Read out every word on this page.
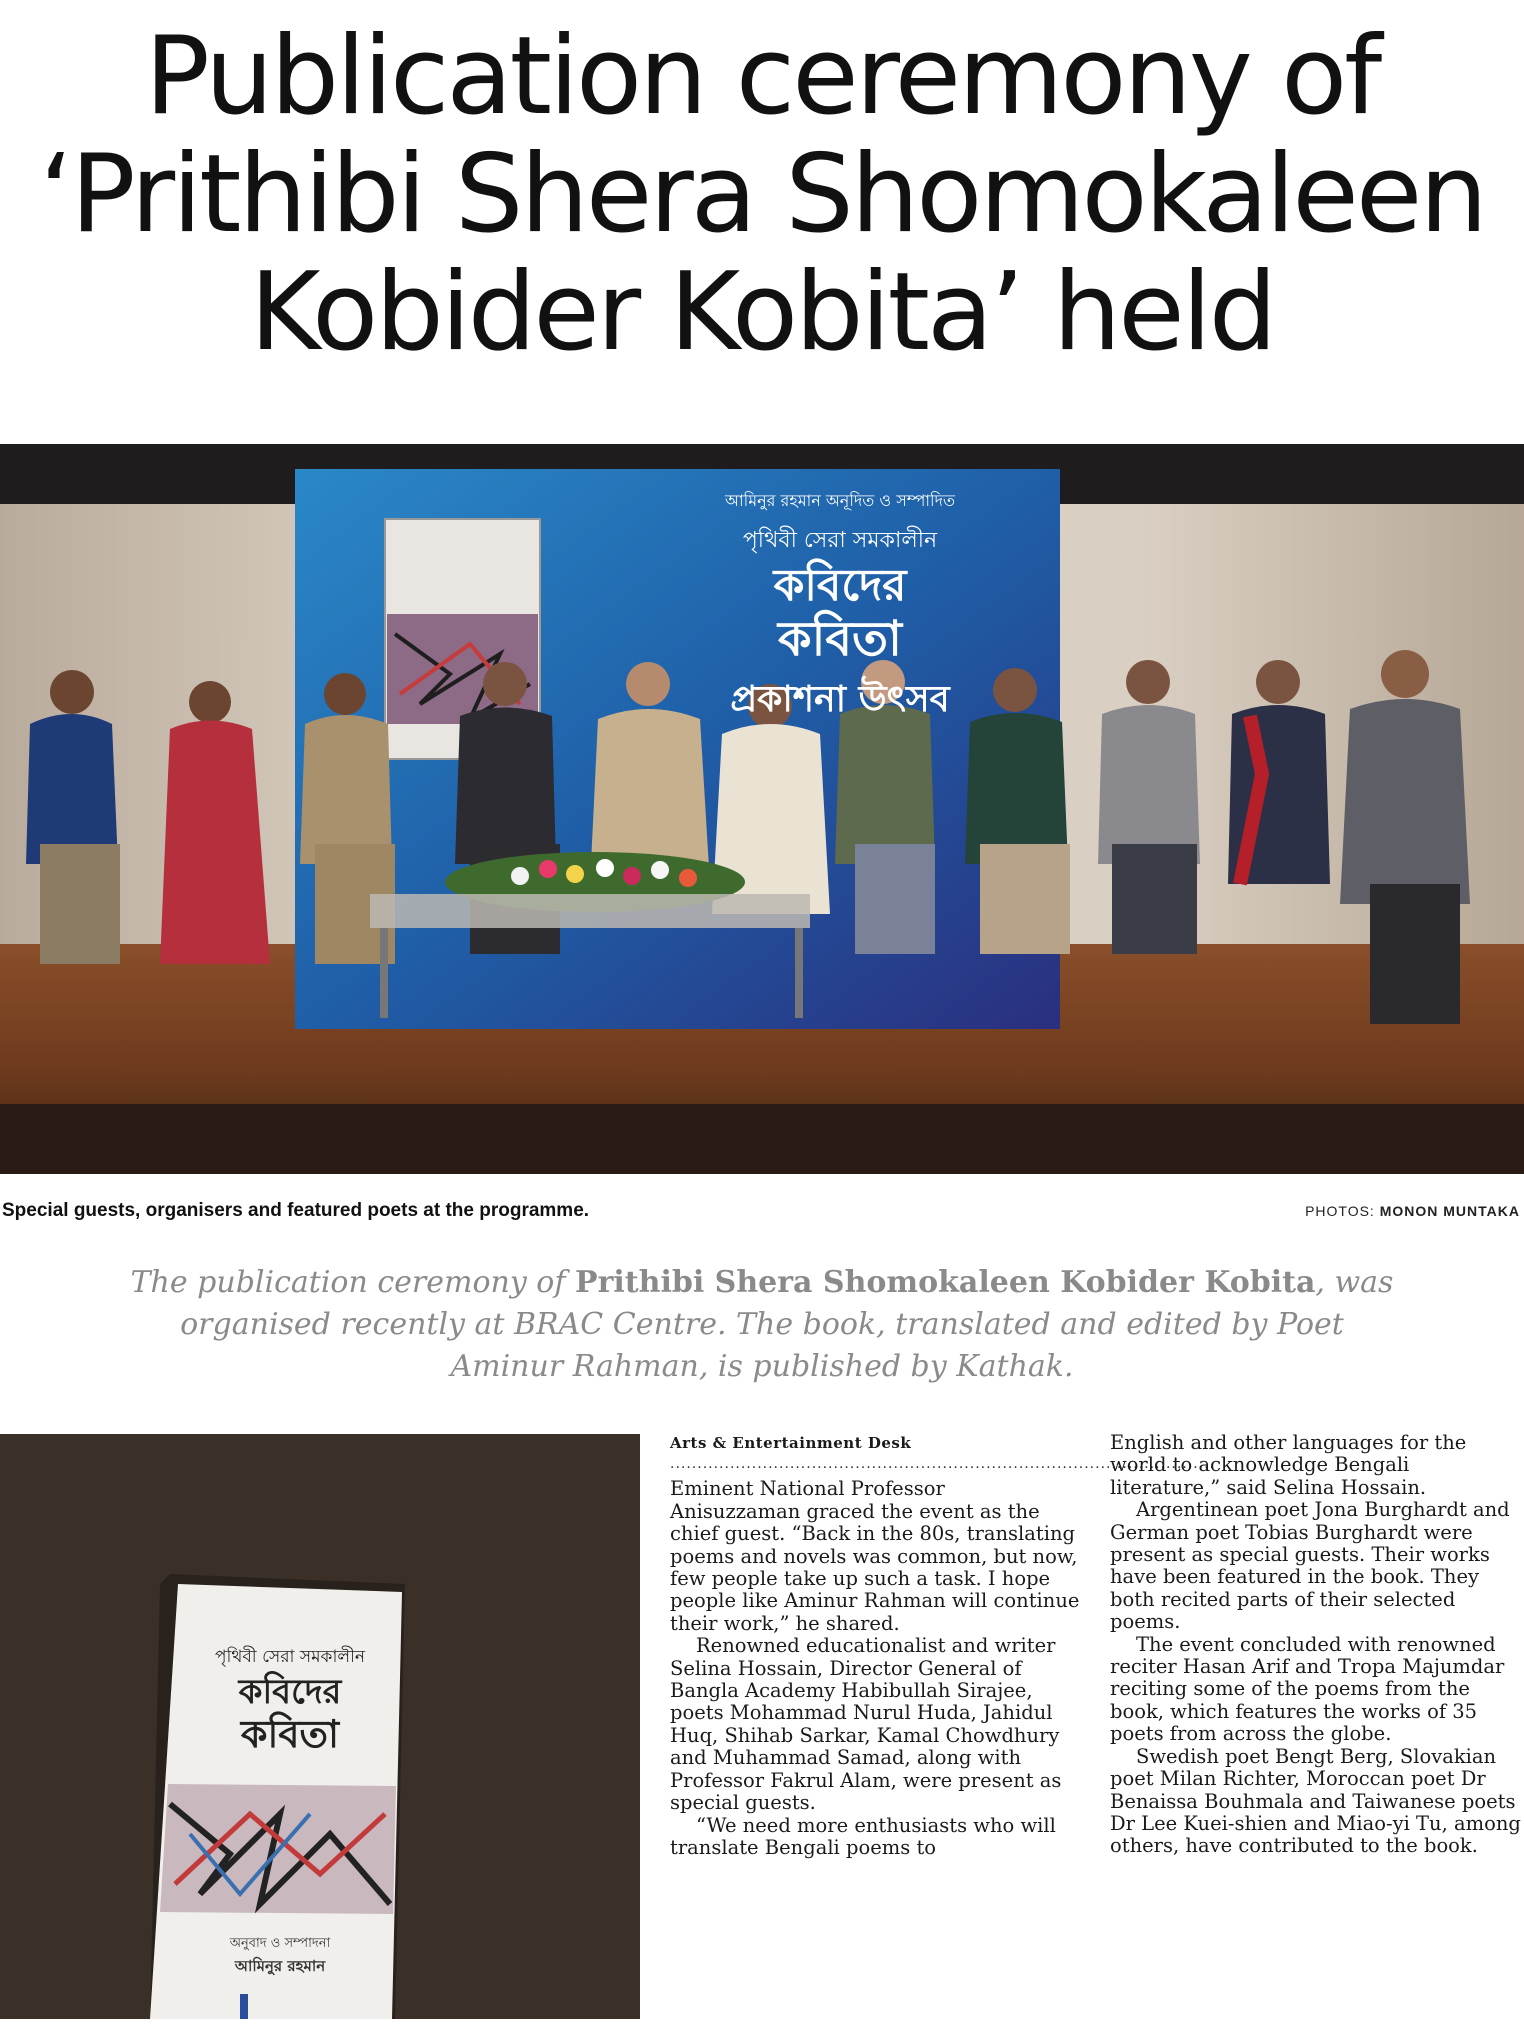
Publication ceremony of
‘Prithibi Shera Shomokaleen
Kobider Kobita’ held
আমিনুর রহমান অনূদিত ও সম্পাদিত
পৃথিবী সেরা সমকালীন
কবিদের
কবিতা
প্রকাশনা উৎসব
Special guests, organisers and featured poets at the programme.	PHOTOS: MONON MUNTAKA
The publication ceremony of Prithibi Shera Shomokaleen Kobider Kobita, was organised recently at BRAC Centre. The book, translated and edited by Poet Aminur Rahman, is published by Kathak.
পৃথিবী সেরা সমকালীন
কবিদের
কবিতা
অনুবাদ ও সম্পাদনা
আমিনুর রহমান
Arts & Entertainment Desk
....................................................................................................

Eminent National Professor Anisuzzaman graced the event as the chief guest. “Back in the 80s, translating poems and novels was common, but now, few people take up such a task. I hope people like Aminur Rahman will continue their work,” he shared.

Renowned educationalist and writer Selina Hossain, Director General of Bangla Academy Habibullah Sirajee, poets Mohammad Nurul Huda, Jahidul Huq, Shihab Sarkar, Kamal Chowdhury and Muhammad Samad, along with Professor Fakrul Alam, were present as special guests.

“We need more enthusiasts who will translate Bengali poems to

English and other languages for the world to acknowledge Bengali literature,” said Selina Hossain.

Argentinean poet Jona Burghardt and German poet Tobias Burghardt were present as special guests. Their works have been featured in the book. They both recited parts of their selected poems.

The event concluded with renowned reciter Hasan Arif and Tropa Majumdar reciting some of the poems from the book, which features the works of 35 poets from across the globe.

Swedish poet Bengt Berg, Slovakian poet Milan Richter, Moroccan poet Dr Benaissa Bouhmala and Taiwanese poets Dr Lee Kuei-shien and Miao-yi Tu, among others, have contributed to the book.
